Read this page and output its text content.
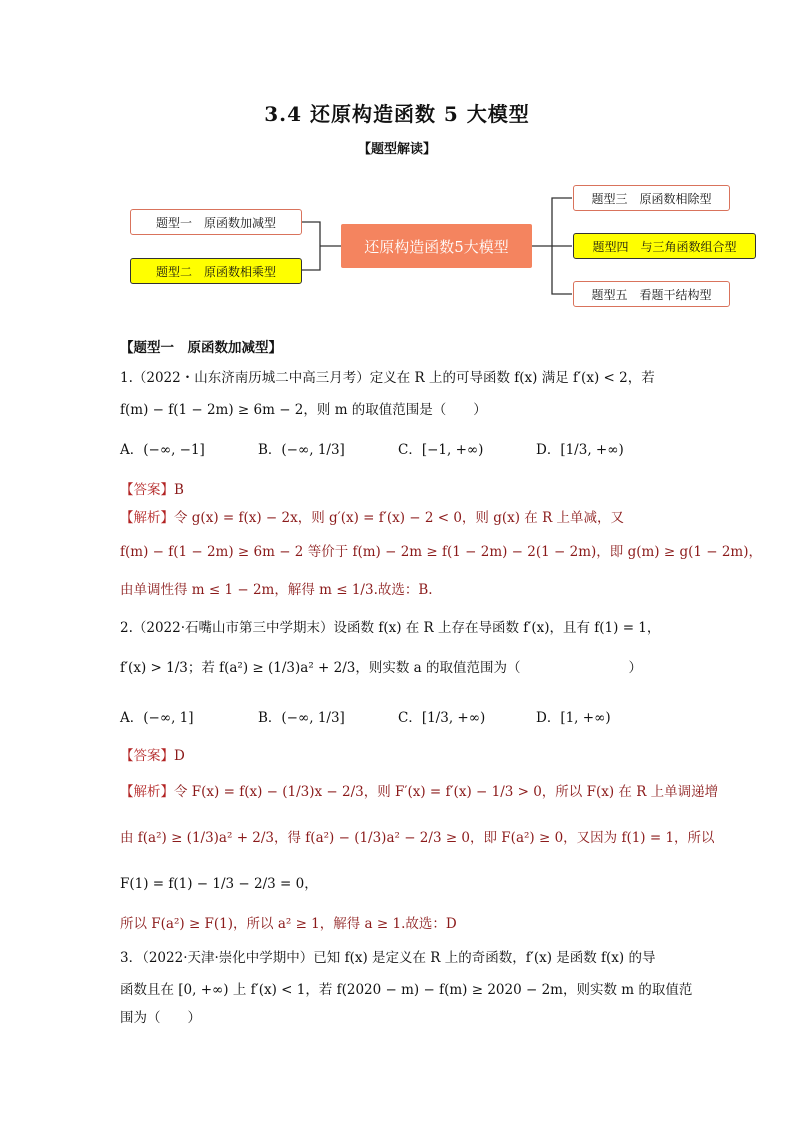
3.4 还原构造函数 5 大模型
【题型解读】
题型一　原函数加减型
题型二　原函数相乘型
还原构造函数5大模型
题型三　原函数相除型
题型四　与三角函数组合型
题型五　看题干结构型
【题型一　原函数加减型】
1.（2022・山东济南历城二中高三月考）定义在 R 上的可导函数 f(x) 满足 f′(x) < 2，若
f(m) − f(1 − 2m) ≥ 6m − 2，则 m 的取值范围是（　　）
A．(−∞, −1]	B．(−∞, 1/3]	C．[−1, +∞)	D．[1/3, +∞)
【答案】B
【解析】令 g(x) = f(x) − 2x，则 g′(x) = f′(x) − 2 < 0，则 g(x) 在 R 上单减，又
f(m) − f(1 − 2m) ≥ 6m − 2 等价于 f(m) − 2m ≥ f(1 − 2m) − 2(1 − 2m)，即 g(m) ≥ g(1 − 2m)，
由单调性得 m ≤ 1 − 2m，解得 m ≤ 1/3.故选：B.
2.（2022·石嘴山市第三中学期末）设函数 f(x) 在 R 上存在导函数 f′(x)，且有 f(1) = 1，
f′(x) > 1/3；若 f(a²) ≥ (1/3)a² + 2/3，则实数 a 的取值范围为（　　　　　　　　）
A．(−∞, 1]	B．(−∞, 1/3]	C．[1/3, +∞)	D．[1, +∞)
【答案】D
【解析】令 F(x) = f(x) − (1/3)x − 2/3，则 F′(x) = f′(x) − 1/3 > 0，所以 F(x) 在 R 上单调递增
由 f(a²) ≥ (1/3)a² + 2/3，得 f(a²) − (1/3)a² − 2/3 ≥ 0，即 F(a²) ≥ 0，又因为 f(1) = 1，所以
F(1) = f(1) − 1/3 − 2/3 = 0，
所以 F(a²) ≥ F(1)，所以 a² ≥ 1，解得 a ≥ 1.故选：D
3．（2022·天津·崇化中学期中）已知 f(x) 是定义在 R 上的奇函数，f′(x) 是函数 f(x) 的导
函数且在 [0, +∞) 上 f′(x) < 1，若 f(2020 − m) − f(m) ≥ 2020 − 2m，则实数 m 的取值范
围为（　　）
